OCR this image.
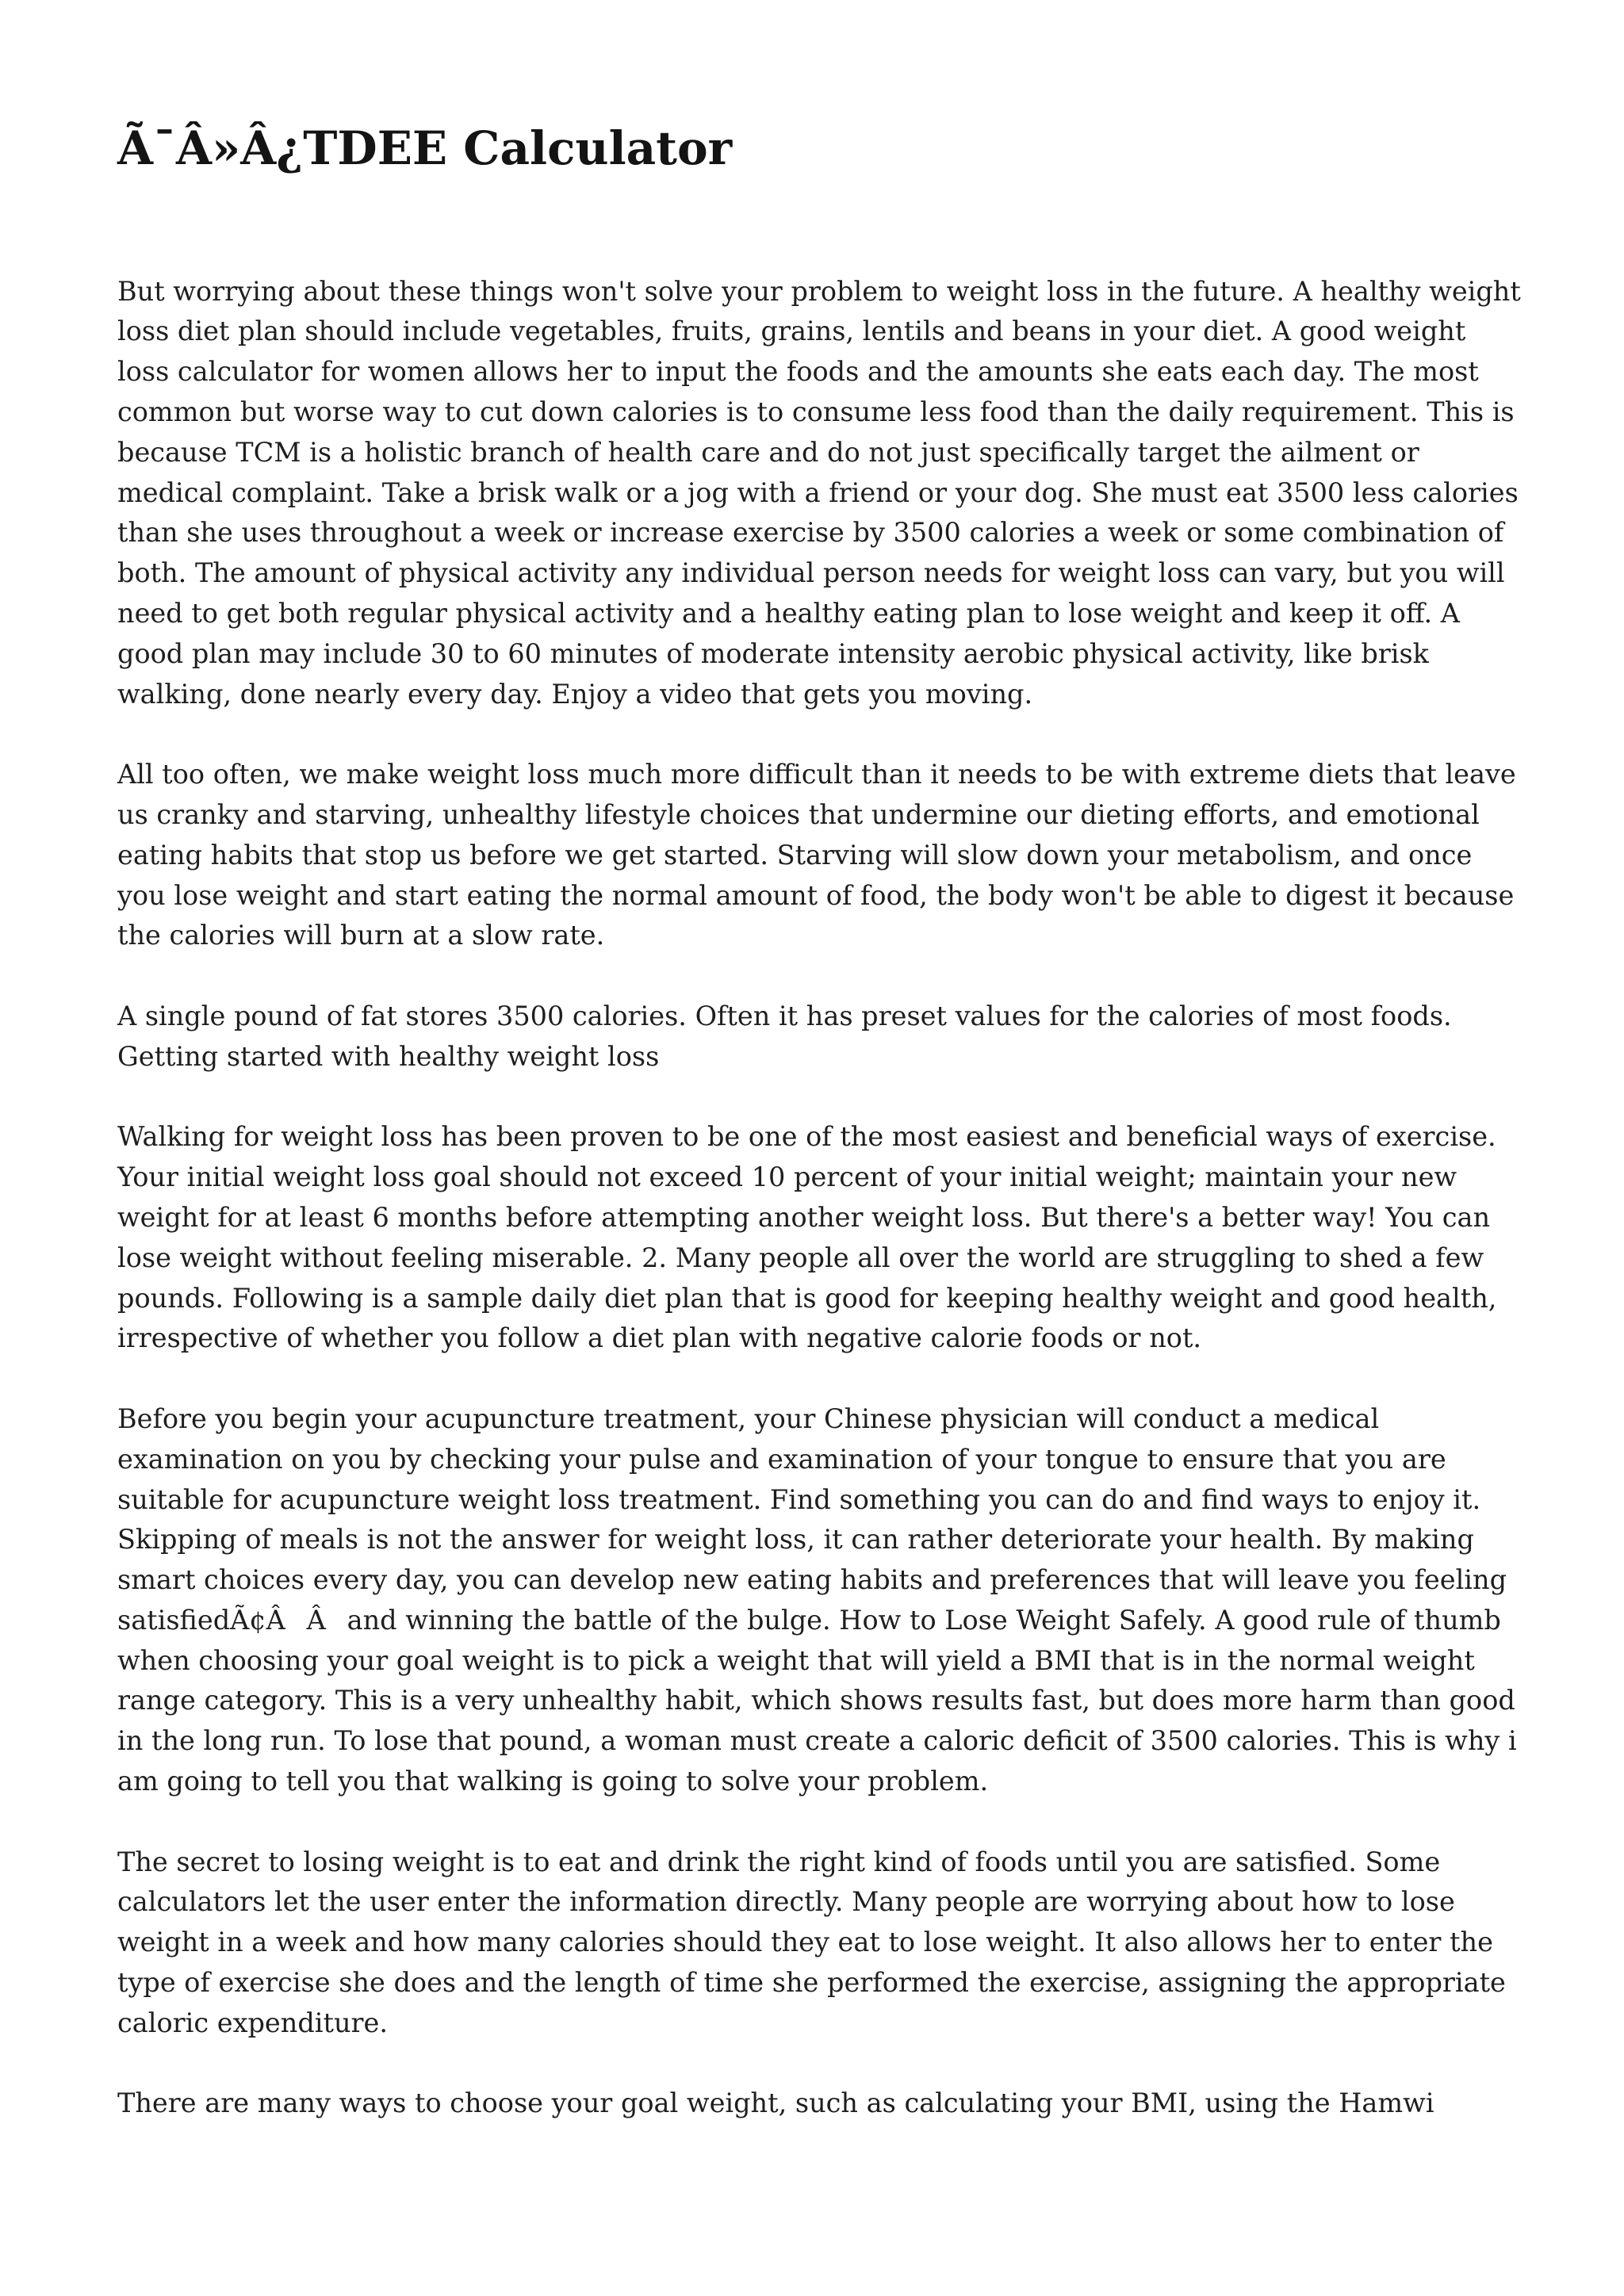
Ã¯Â»Â¿TDEE Calculator

But worrying about these things won't solve your problem to weight loss in the future. A healthy weight loss diet plan should include vegetables, fruits, grains, lentils and beans in your diet. A good weight loss calculator for women allows her to input the foods and the amounts she eats each day. The most common but worse way to cut down calories is to consume less food than the daily requirement. This is because TCM is a holistic branch of health care and do not just specifically target the ailment or medical complaint. Take a brisk walk or a jog with a friend or your dog. She must eat 3500 less calories than she uses throughout a week or increase exercise by 3500 calories a week or some combination of both. The amount of physical activity any individual person needs for weight loss can vary, but you will need to get both regular physical activity and a healthy eating plan to lose weight and keep it off. A good plan may include 30 to 60 minutes of moderate intensity aerobic physical activity, like brisk walking, done nearly every day. Enjoy a video that gets you moving.

All too often, we make weight loss much more difficult than it needs to be with extreme diets that leave us cranky and starving, unhealthy lifestyle choices that undermine our dieting efforts, and emotional eating habits that stop us before we get started. Starving will slow down your metabolism, and once you lose weight and start eating the normal amount of food, the body won't be able to digest it because the calories will burn at a slow rate.

A single pound of fat stores 3500 calories. Often it has preset values for the calories of most foods. Getting started with healthy weight loss

Walking for weight loss has been proven to be one of the most easiest and beneficial ways of exercise. Your initial weight loss goal should not exceed 10 percent of your initial weight; maintain your new weight for at least 6 months before attempting another weight loss. But there's a better way! You can lose weight without feeling miserable. 2. Many people all over the world are struggling to shed a few pounds. Following is a sample daily diet plan that is good for keeping healthy weight and good health, irrespective of whether you follow a diet plan with negative calorie foods or not.

Before you begin your acupuncture treatment, your Chinese physician will conduct a medical examination on you by checking your pulse and examination of your tongue to ensure that you are suitable for acupuncture weight loss treatment. Find something you can do and find ways to enjoy it. Skipping of meals is not the answer for weight loss, it can rather deteriorate your health. By making smart choices every day, you can develop new eating habits and preferences that will leave you feeling satisfiedÃ¢ÂÂand winning the battle of the bulge. How to Lose Weight Safely. A good rule of thumb when choosing your goal weight is to pick a weight that will yield a BMI that is in the normal weight range category. This is a very unhealthy habit, which shows results fast, but does more harm than good in the long run. To lose that pound, a woman must create a caloric deficit of 3500 calories. This is why i am going to tell you that walking is going to solve your problem.

The secret to losing weight is to eat and drink the right kind of foods until you are satisfied. Some calculators let the user enter the information directly. Many people are worrying about how to lose weight in a week and how many calories should they eat to lose weight. It also allows her to enter the type of exercise she does and the length of time she performed the exercise, assigning the appropriate caloric expenditure.

There are many ways to choose your goal weight, such as calculating your BMI, using the Hamwi
